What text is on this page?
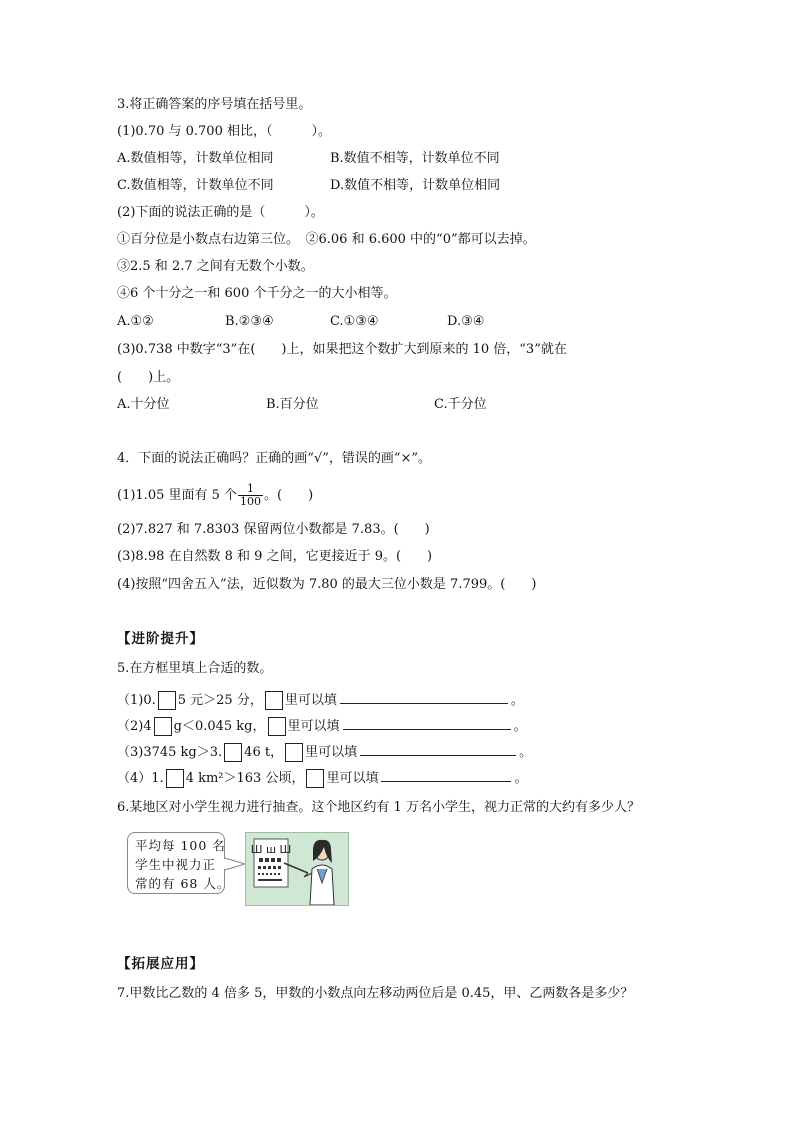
3.将正确答案的序号填在括号里。
(1)0.70 与 0.700 相比，（　　　）。
A.数值相等，计数单位相同	B.数值不相等，计数单位不同
C.数值相等，计数单位不同	D.数值不相等，计数单位相同
(2)下面的说法正确的是（　　　）。
①百分位是小数点右边第三位。　②6.06 和 6.600 中的“0”都可以去掉。
③2.5 和 2.7 之间有无数个小数。
④6 个十分之一和 600 个千分之一的大小相等。
A.①②	B.②③④	C.①③④	D.③④
(3)0.738 中数字“3”在(　　)上，如果把这个数扩大到原来的 10 倍，“3”就在
(　　)上。
A.十分位	B.百分位	C.千分位
4．下面的说法正确吗？正确的画“√”，错误的画“×”。
(1)1.05 里面有 5 个 $\frac{1}{100}$ 。(　　)
(2)7.827 和 7.8303 保留两位小数都是 7.83。(　　)
(3)8.98 在自然数 8 和 9 之间，它更接近于 9。(　　)
(4)按照“四舍五入”法，近似数为 7.80 的最大三位小数是 7.799。(　　)
【进阶提升】
5.在方框里填上合适的数。
（1)0. 5 元＞25 分， 里可以填	。
（2)4 g＜0.045 kg， 里可以填	。
（3)3745 kg＞3. 46 t， 里可以填	。
（4）1. 4 km²＞163 公顷， 里可以填	。
6.某地区对小学生视力进行抽查。这个地区约有 1 万名小学生，视力正常的大约有多少人？
平均每 100 名
学生中视力正
常的有 68 人。
Ш ш Ш
【拓展应用】
7.甲数比乙数的 4 倍多 5，甲数的小数点向左移动两位后是 0.45，甲、乙两数各是多少？
